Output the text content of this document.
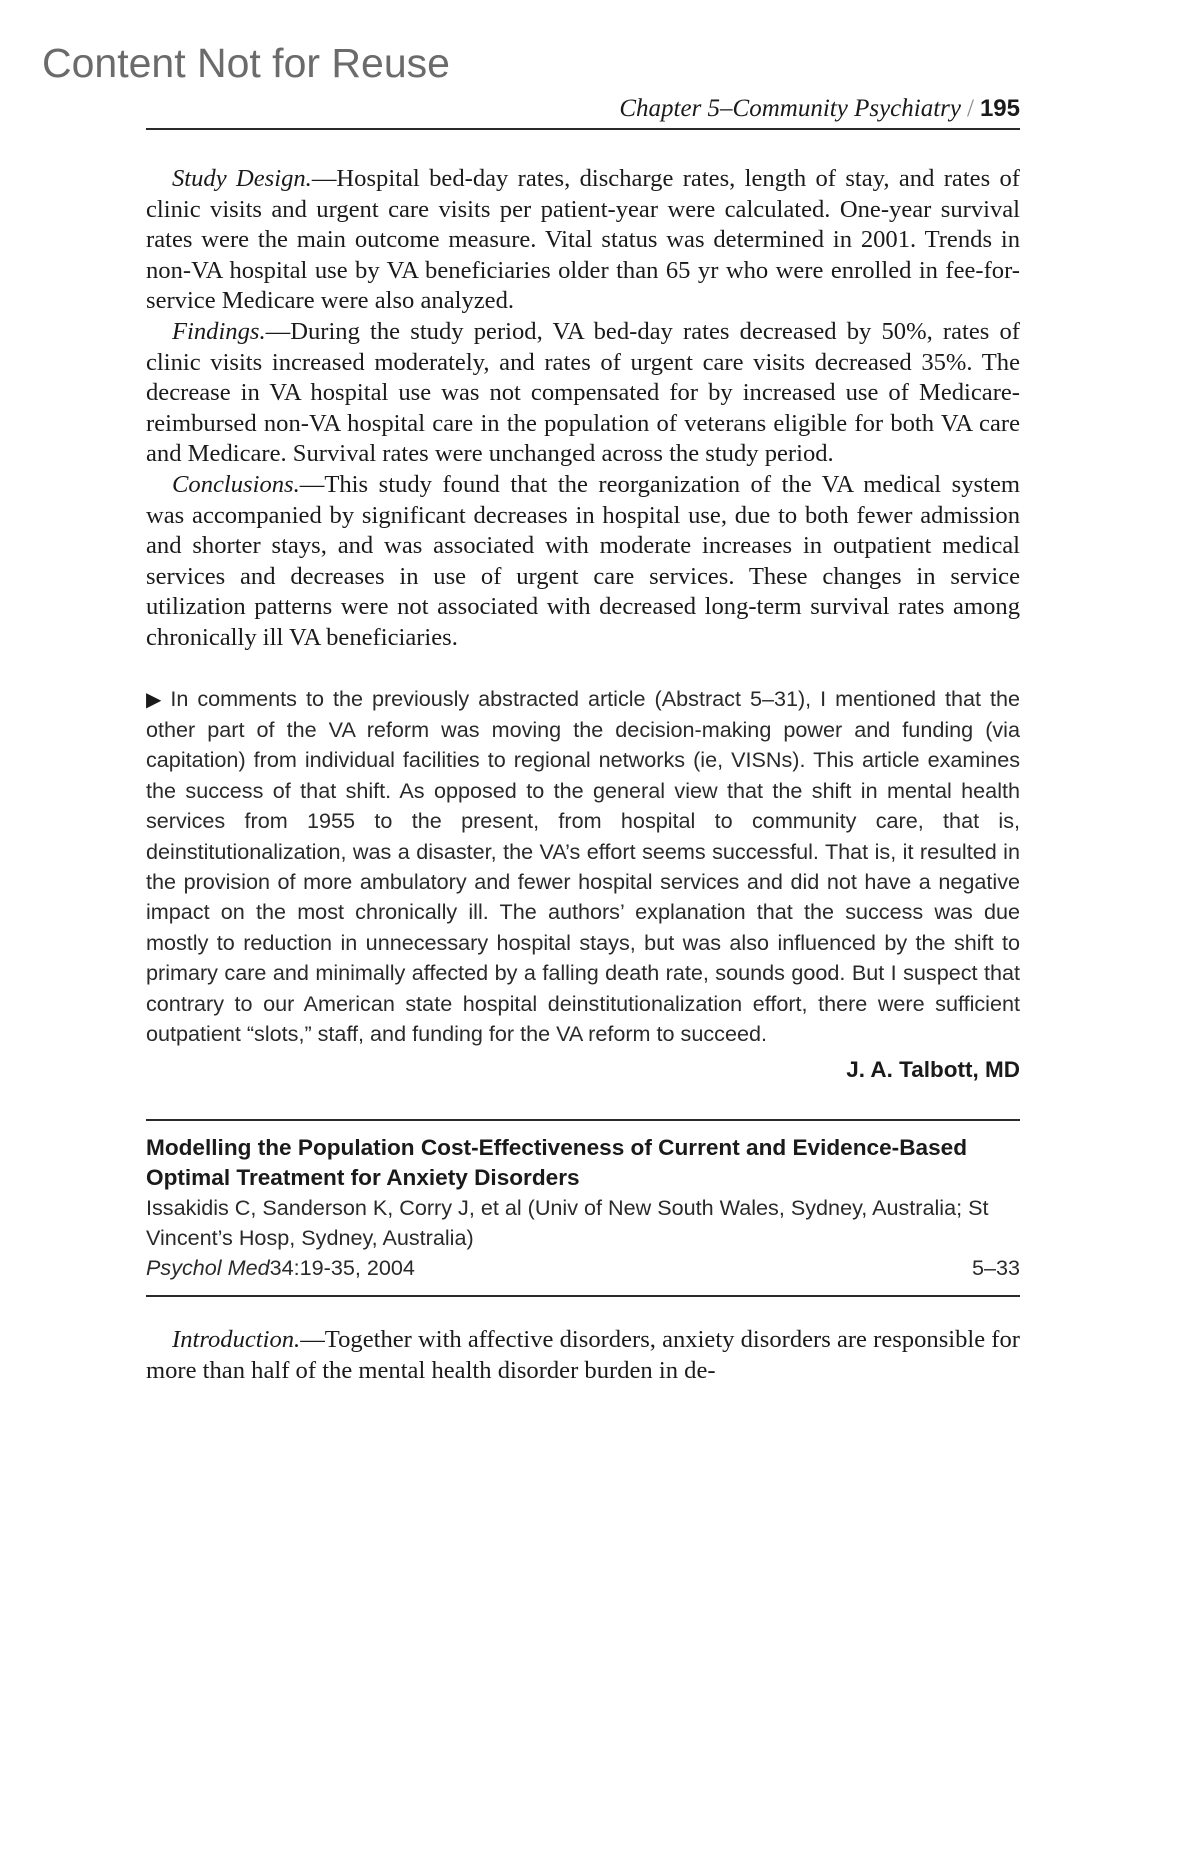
Content Not for Reuse
Chapter 5–Community Psychiatry / 195

Study Design.—Hospital bed-day rates, discharge rates, length of stay, and rates of clinic visits and urgent care visits per patient-year were calculated. One-year survival rates were the main outcome measure. Vital status was determined in 2001. Trends in non-VA hospital use by VA beneficiaries older than 65 yr who were enrolled in fee-for-service Medicare were also analyzed.

Findings.—During the study period, VA bed-day rates decreased by 50%, rates of clinic visits increased moderately, and rates of urgent care visits decreased 35%. The decrease in VA hospital use was not compensated for by increased use of Medicare-reimbursed non-VA hospital care in the population of veterans eligible for both VA care and Medicare. Survival rates were unchanged across the study period.

Conclusions.—This study found that the reorganization of the VA medical system was accompanied by significant decreases in hospital use, due to both fewer admission and shorter stays, and was associated with moderate increases in outpatient medical services and decreases in use of urgent care services. These changes in service utilization patterns were not associated with decreased long-term survival rates among chronically ill VA beneficiaries.

▶ In comments to the previously abstracted article (Abstract 5–31), I mentioned that the other part of the VA reform was moving the decision-making power and funding (via capitation) from individual facilities to regional networks (ie, VISNs). This article examines the success of that shift. As opposed to the general view that the shift in mental health services from 1955 to the present, from hospital to community care, that is, deinstitutionalization, was a disaster, the VA’s effort seems successful. That is, it resulted in the provision of more ambulatory and fewer hospital services and did not have a negative impact on the most chronically ill. The authors’ explanation that the success was due mostly to reduction in unnecessary hospital stays, but was also influenced by the shift to primary care and minimally affected by a falling death rate, sounds good. But I suspect that contrary to our American state hospital deinstitutionalization effort, there were sufficient outpatient “slots,” staff, and funding for the VA reform to succeed.
J. A. Talbott, MD
Modelling the Population Cost-Effectiveness of Current and Evidence-Based Optimal Treatment for Anxiety Disorders
Issakidis C, Sanderson K, Corry J, et al (Univ of New South Wales, Sydney, Australia; St Vincent’s Hosp, Sydney, Australia)
Psychol Med34:19-35, 2004	5–33

Introduction.—Together with affective disorders, anxiety disorders are responsible for more than half of the mental health disorder burden in de-
